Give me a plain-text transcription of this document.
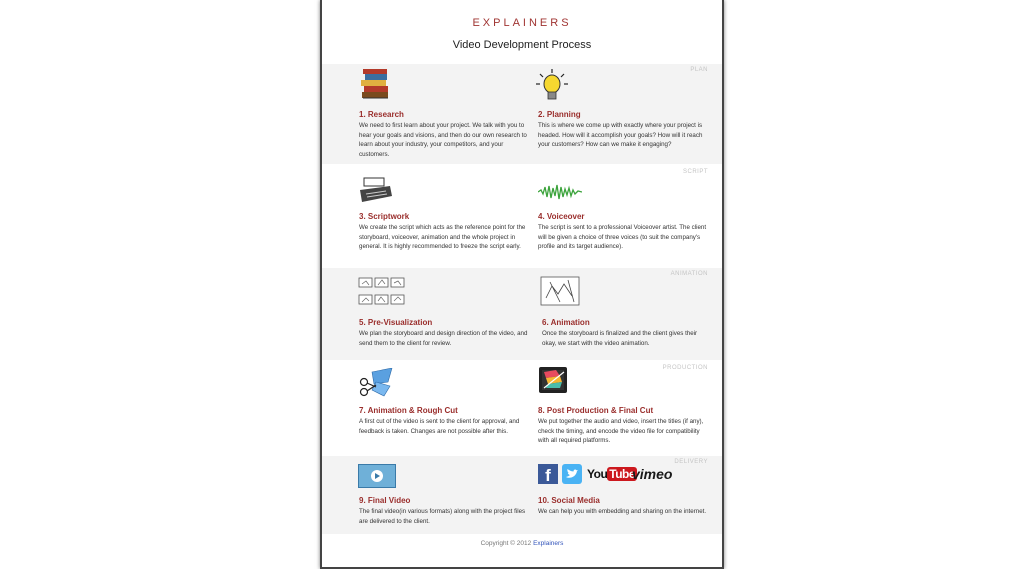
EXPLAINERS
Video Development Process
PLAN
1. Research
We need to first learn about your project. We talk with you to hear your goals and visions, and then do our own research to learn about your industry, your competitors, and your customers.
2. Planning
This is where we come up with exactly where your project is headed. How will it accomplish your goals? How will it reach your customers? How can we make it engaging?
SCRIPT
3. Scriptwork
We create the script which acts as the reference point for the storyboard, voiceover, animation and the whole project in general. It is highly recommended to freeze the script early.
4. Voiceover
The script is sent to a professional Voiceover artist. The client will be given a choice of three voices (to suit the company's profile and its target audience).
ANIMATION
5. Pre-Visualization
We plan the storyboard and design direction of the video, and send them to the client for review.
6. Animation
Once the storyboard is finalized and the client gives their okay, we start with the video animation.
PRODUCTION
7. Animation & Rough Cut
A first cut of the video is sent to the client for approval, and feedback is taken. Changes are not possible after this.
8. Post Production & Final Cut
We put together the audio and video, insert the titles (if any), check the timing, and encode the video file for compatibility with all required platforms.
DELIVERY
9. Final Video
The final video(in various formats) along with the project files are delivered to the client.
f	You Tube
vimeo
10. Social Media
We can help you with embedding and sharing on the internet.
Copyright © 2012 Explainers
